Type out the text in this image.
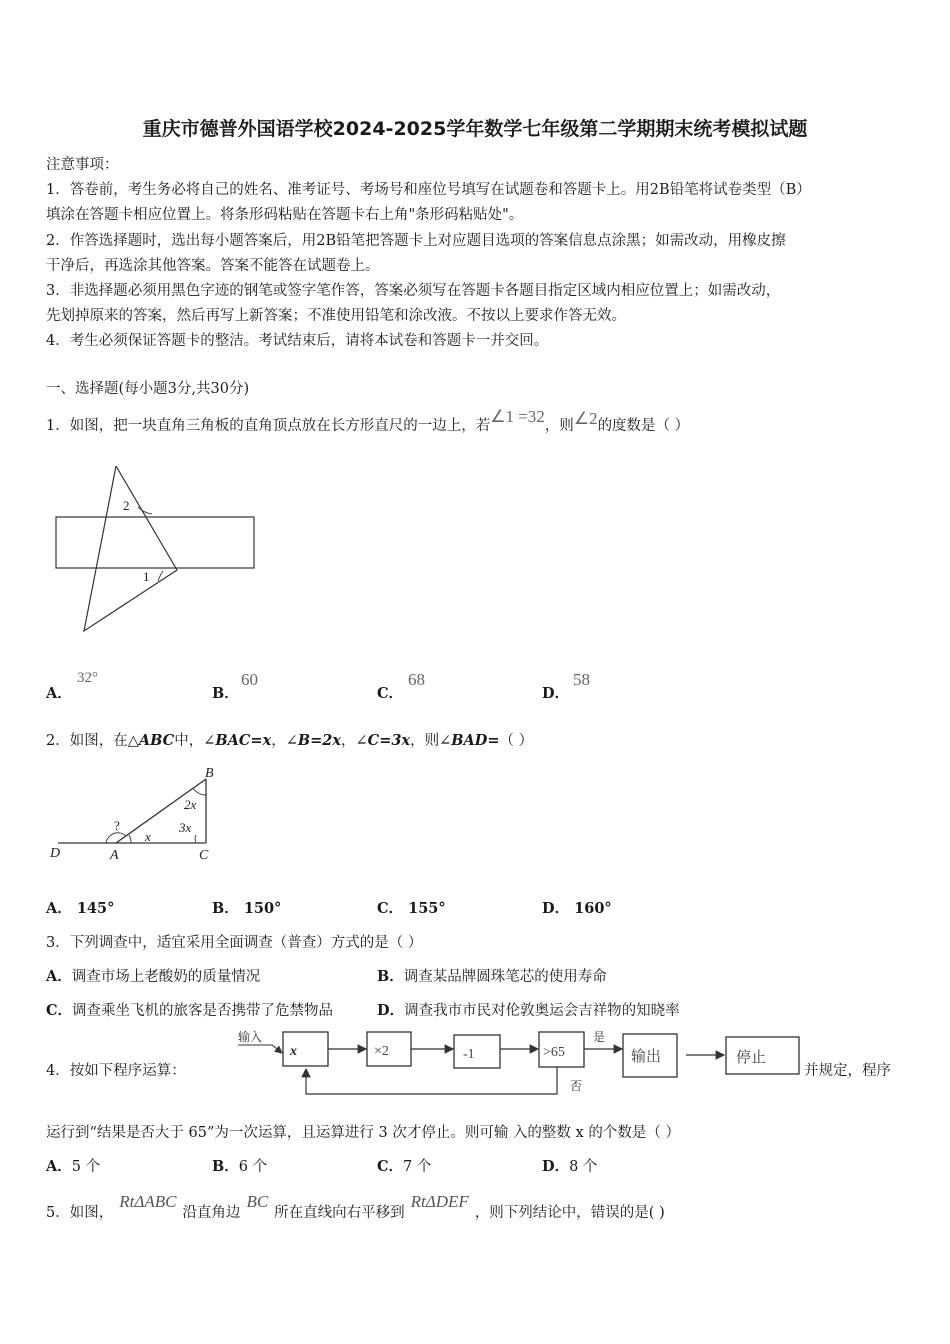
重庆市德普外国语学校2024-2025学年数学七年级第二学期期末统考模拟试题
注意事项：
1．答卷前，考生务必将自己的姓名、准考证号、考场号和座位号填写在试题卷和答题卡上。用2B铅笔将试卷类型（B）
填涂在答题卡相应位置上。将条形码粘贴在答题卡右上角"条形码粘贴处"。
2．作答选择题时，选出每小题答案后，用2B铅笔把答题卡上对应题目选项的答案信息点涂黑；如需改动，用橡皮擦
干净后，再选涂其他答案。答案不能答在试题卷上。
3．非选择题必须用黑色字迹的钢笔或签字笔作答，答案必须写在答题卡各题目指定区域内相应位置上；如需改动，
先划掉原来的答案，然后再写上新答案；不准使用铅笔和涂改液。不按以上要求作答无效。
4．考生必须保证答题卡的整洁。考试结束后，请将本试卷和答题卡一并交回。
一、选择题(每小题3分,共30分)
1．如图，把一块直角三角板的直角顶点放在长方形直尺的一边上，若∠1 =32，则∠2的度数是（ ）
2
1
A．
32°
B．
60
C．
68
D．
58
2．如图，在△ABC中，∠BAC=x，∠B=2x，∠C=3x，则∠BAD=（ ）
B
D	A	C
?
x
2x
3x
A． 145°	B． 150°	C． 155°	D． 160°
3．下列调查中，适宜采用全面调查（普查）方式的是（ ）
A．调查市场上老酸奶的质量情况	B．调查某品牌圆珠笔芯的使用寿命
C．调查乘坐飞机的旅客是否携带了危禁物品	D．调查我市市民对伦敦奥运会吉祥物的知晓率
4．按如下程序运算：
输入
x	×2	-1	>65
是
输出	停止
否
并规定，程序
运行到“结果是否大于 65”为一次运算，且运算进行 3 次才停止。则可输 入的整数 x 的个数是（ ）
A．5 个	B．6 个	C．7 个	D．8 个
5．如图，RtΔABC沿直角边BC所在直线向右平移到RtΔDEF，则下列结论中，错误的是( )
